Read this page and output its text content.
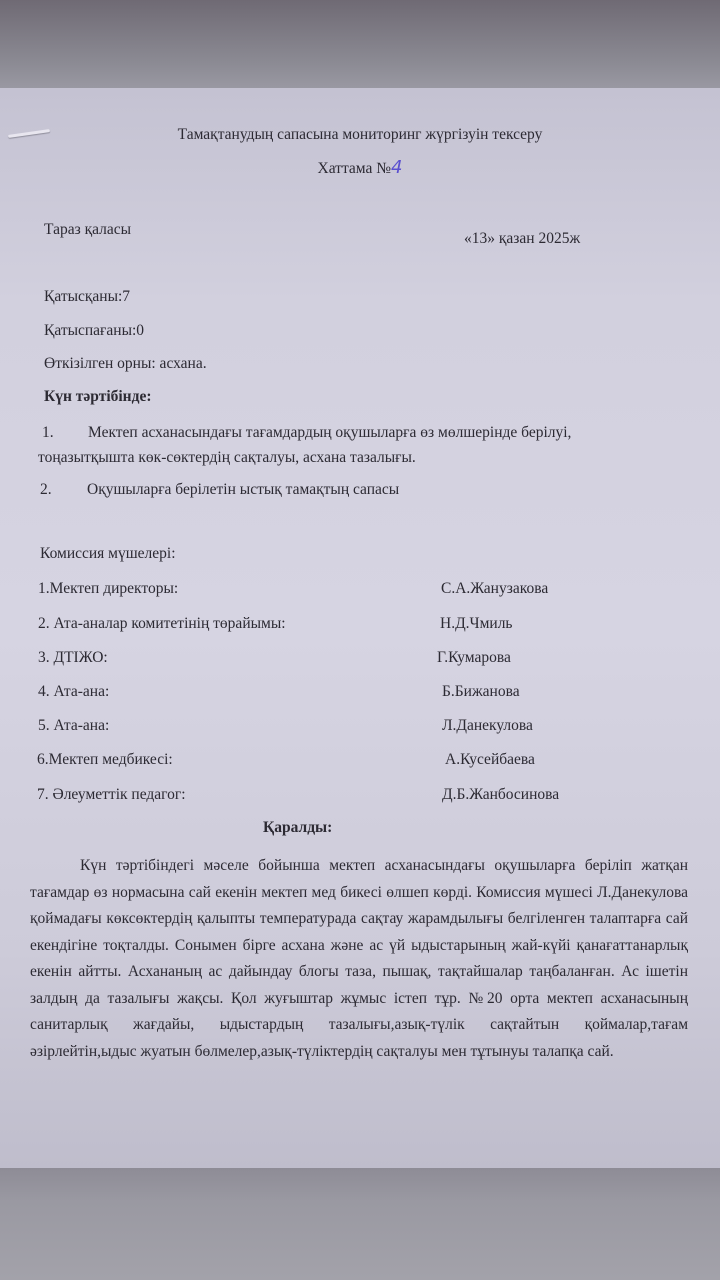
Тамақтанудың сапасына мониторинг жүргізуін тексеру
Хаттама №4
Тараз қаласы
«13» қазан 2025ж
Қатысқаны:7
Қатыспағаны:0
Өткізілген орны: асхана.
Күн тәртібінде:
1. Мектеп асханасындағы тағамдардың оқушыларға өз мөлшерінде берілуі,
тоңазытқышта көк-сөктердің сақталуы, асхана тазалығы.
2. Оқушыларға берілетін ыстық тамақтың сапасы
Комиссия мүшелері:
1.Мектеп директоры:	С.А.Жанузакова
2. Ата-аналар комитетінің төрайымы:	Н.Д.Чмиль
3. ДТІЖО:	Г.Кумарова
4. Ата-ана:	Б.Бижанова
5. Ата-ана:	Л.Данекулова
6.Мектеп медбикесі:	А.Кусейбаева
7. Әлеуметтік педагог:	Д.Б.Жанбосинова
Қаралды:
Күн тәртібіндегі мәселе бойынша мектеп асханасындағы оқушыларға беріліп жатқан тағамдар өз нормасына сай екенін мектеп мед бикесі өлшеп көрді. Комиссия мүшесі Л.Данекулова қоймадағы көксөктердің қалыпты температурада сақтау жарамдылығы белгіленген талаптарға сай екендігіне тоқталды. Сонымен бірге асхана және ас үй ыдыстарының жай-күйі қанағаттанарлық екенін айтты. Асхананың ас дайындау блогы таза, пышақ, тақтайшалар таңбаланған. Ас ішетін залдың да тазалығы жақсы. Қол жуғыштар жұмыс істеп тұр. №20 орта мектеп асханасының санитарлық жағдайы, ыдыстардың тазалығы,азық-түлік сақтайтын қоймалар,тағам әзірлейтін,ыдыс жуатын бөлмелер,азық-түліктердің сақталуы мен тұтынуы талапқа сай.
